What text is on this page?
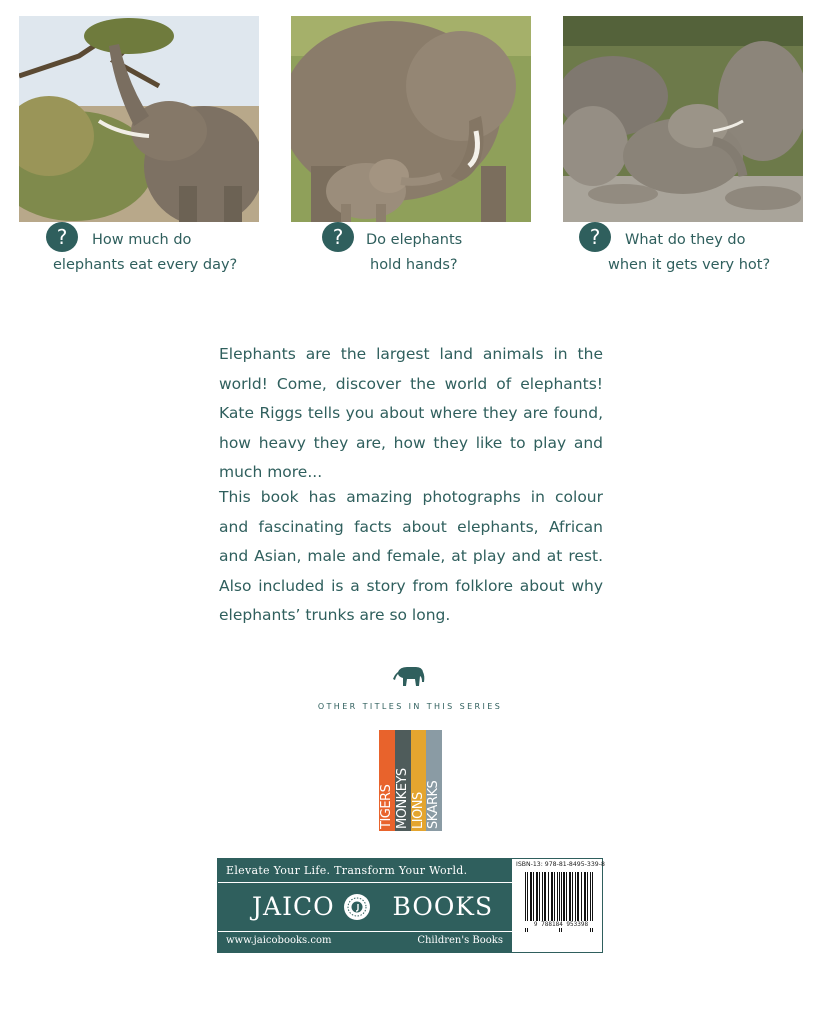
?	How much do
elephants eat every day?
?	Do elephants
hold hands?
?	What do they do
when it gets very hot?

Elephants are the largest land animals in the world! Come, discover the world of elephants! Kate Riggs tells you about where they are found, how heavy they are, how they like to play and much more...

This book has amazing photographs in colour and fascinating facts about elephants, African and Asian, male and female, at play and at rest. Also included is a story from folklore about why elephants’ trunks are so long.

OTHER TITLES IN THIS SERIES
TIGERS MONKEYS LIONS SKARKS
Elevate Your Life. Transform Your World.
JAICO BOOKS
www.jaicobooks.com	Children's Books
ISBN-13: 978-81-8495-339-8
9 788184 953398
